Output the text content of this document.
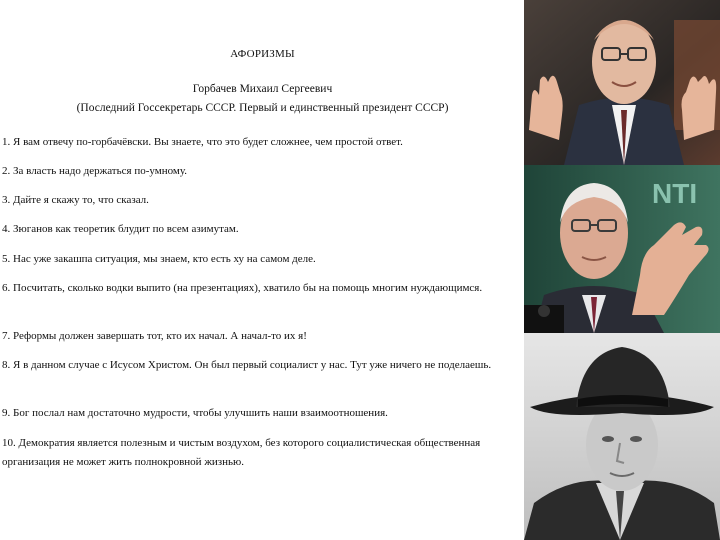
АФОРИЗМЫ
Горбачев Михаил Сергеевич
(Последний Госсекретарь СССР. Первый и единственный президент СССР)

1. Я вам отвечу по-горбачёвски. Вы знаете, что это будет сложнее, чем простой ответ.

2. За власть надо держаться по-умному.

3. Дайте я скажу то, что сказал.

4. Зюганов как теоретик блудит по всем азимутам.

5. Нас уже закашпа ситуация, мы знаем, кто есть ху на самом деле.

6. Посчитать, сколько водки выпито (на презентациях), хватило бы на помощь многим нуждающимся.

7. Реформы должен завершать тот, кто их начал. А начал-то их я!

8. Я в данном случае с Исусом Христом. Он был первый социалист у нас. Тут уже ничего не поделаешь.

9. Бог послал нам достаточно мудрости, чтобы улучшить наши взаимоотношения.

10. Демократия является полезным и чистым воздухом, без которого социалистическая общественная организация не может жить полнокровной жизнью.

NTI
